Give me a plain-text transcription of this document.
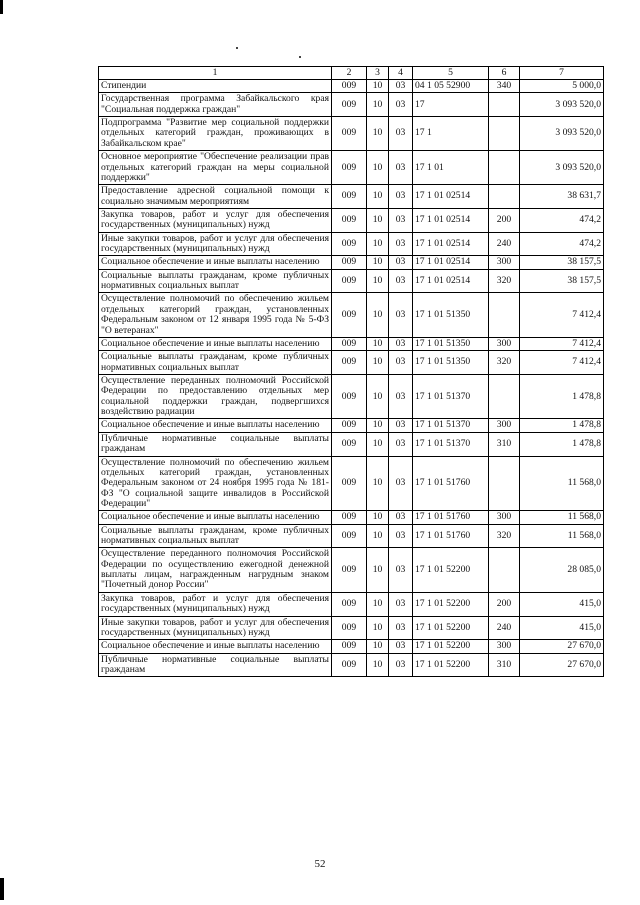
1	2	3	4	5	6	7
Стипендии	009	10	03	04 1 05 52900	340	5 000,0
Государственная программа Забайкальского края "Социальная поддержка граждан"	009	10	03	17		3 093 520,0
Подпрограмма "Развитие мер социальной поддержки отдельных категорий граждан, проживающих в Забайкальском крае"	009	10	03	17 1		3 093 520,0
Основное мероприятие "Обеспечение реализации прав отдельных категорий граждан на меры социальной поддержки"	009	10	03	17 1 01		3 093 520,0
Предоставление адресной социальной помощи к социально значимым мероприятиям	009	10	03	17 1 01 02514		38 631,7
Закупка товаров, работ и услуг для обеспечения государственных (муниципальных) нужд	009	10	03	17 1 01 02514	200	474,2
Иные закупки товаров, работ и услуг для обеспечения государственных (муниципальных) нужд	009	10	03	17 1 01 02514	240	474,2
Социальное обеспечение и иные выплаты населению	009	10	03	17 1 01 02514	300	38 157,5
Социальные выплаты гражданам, кроме публичных нормативных социальных выплат	009	10	03	17 1 01 02514	320	38 157,5
Осуществление полномочий по обеспечению жильем отдельных категорий граждан, установленных Федеральным законом от 12 января 1995 года № 5-ФЗ "О ветеранах"	009	10	03	17 1 01 51350		7 412,4
Социальное обеспечение и иные выплаты населению	009	10	03	17 1 01 51350	300	7 412,4
Социальные выплаты гражданам, кроме публичных нормативных социальных выплат	009	10	03	17 1 01 51350	320	7 412,4
Осуществление переданных полномочий Российской Федерации по предоставлению отдельных мер социальной поддержки граждан, подвергшихся воздействию радиации	009	10	03	17 1 01 51370		1 478,8
Социальное обеспечение и иные выплаты населению	009	10	03	17 1 01 51370	300	1 478,8
Публичные нормативные социальные выплаты гражданам	009	10	03	17 1 01 51370	310	1 478,8
Осуществление полномочий по обеспечению жильем отдельных категорий граждан, установленных Федеральным законом от 24 ноября 1995 года № 181-ФЗ "О социальной защите инвалидов в Российской Федерации"	009	10	03	17 1 01 51760		11 568,0
Социальное обеспечение и иные выплаты населению	009	10	03	17 1 01 51760	300	11 568,0
Социальные выплаты гражданам, кроме публичных нормативных социальных выплат	009	10	03	17 1 01 51760	320	11 568,0
Осуществление переданного полномочия Российской Федерации по осуществлению ежегодной денежной выплаты лицам, награжденным нагрудным знаком "Почетный донор России"	009	10	03	17 1 01 52200		28 085,0
Закупка товаров, работ и услуг для обеспечения государственных (муниципальных) нужд	009	10	03	17 1 01 52200	200	415,0
Иные закупки товаров, работ и услуг для обеспечения государственных (муниципальных) нужд	009	10	03	17 1 01 52200	240	415,0
Социальное обеспечение и иные выплаты населению	009	10	03	17 1 01 52200	300	27 670,0
Публичные нормативные социальные выплаты гражданам	009	10	03	17 1 01 52200	310	27 670,0
52
